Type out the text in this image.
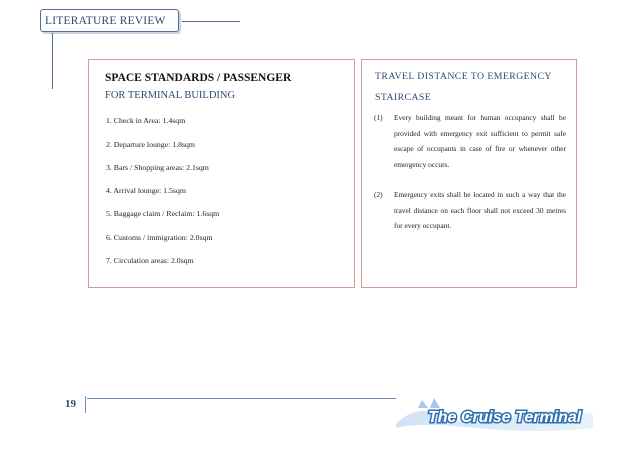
LITERATURE REVIEW
SPACE STANDARDS / PASSENGER
FOR TERMINAL BUILDING
1. Check in Area: 1.4sqm
2. Departure lounge: 1.8sqm
3. Bars / Shopping areas: 2.1sqm
4. Arrival lounge: 1.5sqm
5. Baggage claim / Reclaim: 1.6sqm
6. Customs / immigration: 2.0sqm
7. Circulation areas: 2.0sqm
TRAVEL DISTANCE TO EMERGENCY
STAIRCASE
(1) Every building meant for human occupancy shall be provided with emergency exit sufficient to permit safe escape of occupants in case of fire or whenever other emergency occurs.
(2) Emergency exits shall be located in such a way that the travel distance on each floor shall not exceed 30 metres for every occupant.
19
The Cruise Terminal
